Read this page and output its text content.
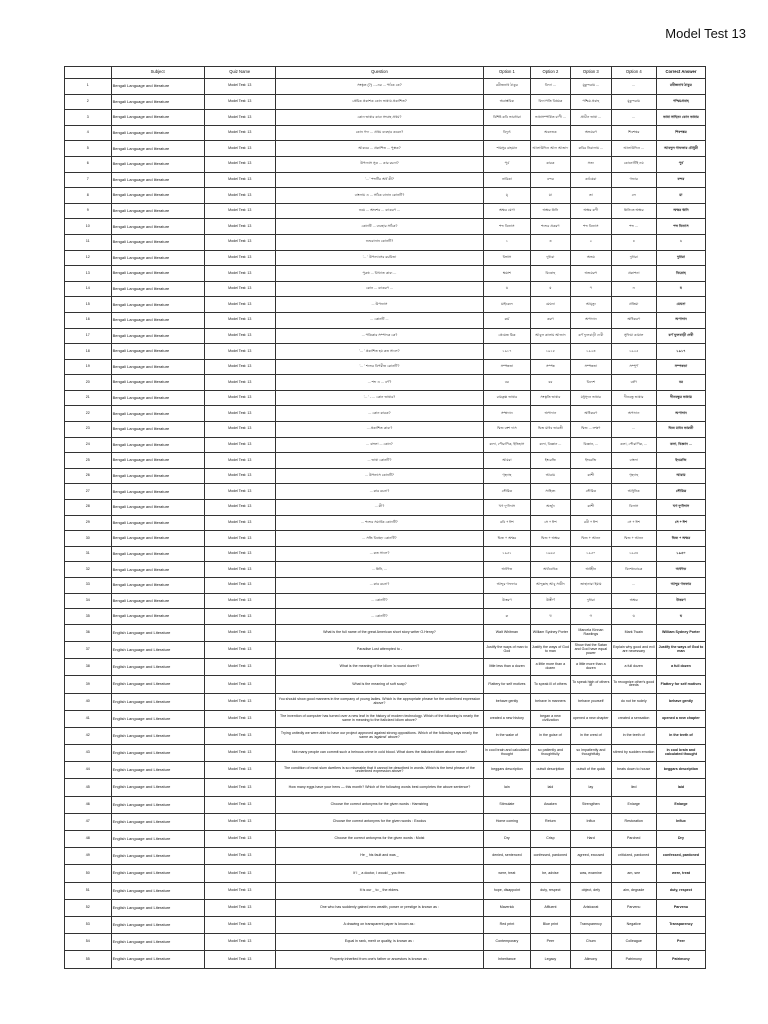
Model Test 13
	Subject	Quiz Name	Question	Option 1	Option 2	Option 3	Option 4	Correct Answer
1	Bengali Language and literature	Model Test: 13	সংস্কৃত (?) ...-এর ... পাঠক কে?	রবীন্দ্রনাথ ঠাকুর	বিদ্যা ...	মুকুন্দরাম ...	...	রবীন্দ্রনাথ ঠাকুর
2	Bengali Language and literature	Model Test: 13	প্রেমিক প্রকাশক কোন ভাষায় প্রকাশিত?	অবাস্তবিক	বিদ্যাপতি বিষয়ক	পশ্চিম প্রবাহ	মুকুন্দরাম	পশ্চিমপ্রবাহ
3	Bengali Language and literature	Model Test: 13	কোন ভাষার কাব্য সংগ্রহ প্রথম?	বিশিষ্ট কবি ভাবধারা	ভাষাসম্পর্কিত বাণী ...	প্রাচীন ভাষা ...	...	ভাষা সাহিত্য কোন ভাষার
4	Bengali Language and literature	Model Test: 13	কোন গদ্য ... প্রথম ব্যবহার করেন?	বিদ্যুৎ	অবনতক	অভয়রণ	শিবশঙ্কর	শিবশঙ্কর
5	Bengali Language and literature	Model Test: 13	আকবর ... প্রকাশিত ... পুস্তক?	শামসুর রাহমান	আলাউদ্দিন আল আজাদ	কবির নিরালায় ...	আলাউদ্দিন ...	আবদুল গাফফার চৌধুরী
6	Bengali Language and literature	Model Test: 13	উপন্যাস সূত্র ... কার রচনা?	পূর্ব	কারক	সত্য	কোনোটিই নয়	পূর্ব
7	Bengali Language and literature	Model Test: 13	'... ' শব্দটির অর্থ কী?	নারিকা	বন্দর	কাঠঝরা	গন্ডার	বন্দর
8	Bengali Language and literature	Model Test: 13	বাংলায় এ ... সঠিক বানান কোনটি?	মৃ	মা	তা	লে	মা
9	Bengali Language and literature	Model Test: 13	নবম ... অংশের ... ব্যাকরণ ...	অক্ষর যোগ	অক্ষর ধ্বনি	অক্ষর কণী	ধ্বনিতে অক্ষর	অক্ষর ধ্বনি
10	Bengali Language and literature	Model Test: 13	কোনটি ... ব্যবহার সঠিক?	শব্দ বিন্যাস	শব্দের প্রকরণ	শব্দ বিন্যাস	শব্দ ...	শব্দ বিন্যাস
11	Bengali Language and literature	Model Test: 13	শুদ্ধবানান কোনটি?	১	৩	২	৪	২
12	Bengali Language and literature	Model Test: 13	'... ' উপন্যাসের রচয়িতা	বিশ্বাস	দুধারা	অভয়	দুধারা	দুধারা
13	Bengali Language and literature	Model Test: 13	পুরুষ ... বিখ্যাত কাব্য ...	ক্ষমাশ	বিদ্রোহ	অভয়রপ	প্রকাশনা	বিদ্রোহ
14	Bengali Language and literature	Model Test: 13	কোন ... ব্যাকরণ ...	য	য	ণ	ন	য
15	Bengali Language and literature	Model Test: 13	... উপন্যাস	মাইকেল	মেঘনা	আমৃত্যু	প্রতিমা	মেঘনা
16	Bengali Language and literature	Model Test: 13	... কোনটি ...	কর্ম	করণ	অপাদান	অধিকরণ	অপাদান
17	Bengali Language and literature	Model Test: 13	... পত্রিকার সম্পাদক কে?	প্রেমেন্দ্র মিত্র	আবুল কালাম আজাদ	কর্ণ ফুলবাড়ী দেবী	সুফিয়া কামাল	কর্ণ ফুলবাড়ী দেবী
18	Bengali Language and literature	Model Test: 13	'... ' প্রকাশিত হয় কত সালে?	১৯১৭	১৯১৮	১৯২৩	১৯২৫	১৯১৭
19	Bengali Language and literature	Model Test: 13	'... ' শব্দের বিপরীত কোনটি?	সম্পন্নতা	সম্পন্ন	সম্পন্নতা	সম্পূর্ণ	সম্পন্নতা
20	Bengali Language and literature	Model Test: 13	... শব্দ এ ... বর্ণ?	বর	বর	বিদেশ	বর্ষণ	বর
21	Bengali Language and literature	Model Test: 13	'... ' - ... কোন ভাষার?	রামকৃষ্ণ ভাষার	সংস্কৃতি ভাষার	মধুসূদন ভাষার	দীনবন্ধু ভাষার	দীনবন্ধুর ভাষায়
22	Bengali Language and literature	Model Test: 13	... কোন কারক?	সম্প্রদান	অপাদান	অধিকরণ	অপাদান	অপাদান
23	Bengali Language and literature	Model Test: 13	... প্রকাশিত কাব্য?	দ্বিজ বংশ দাস	দ্বিজ মাধব ভারতী	দ্বিজ ... লক্ষণ	...	দ্বিজ মাধব ভারতী
24	Bengali Language and literature	Model Test: 13	... বাংলা ... কোন?	কলা, পৌরাণিক, ইতিহাস	কলা, বিজ্ঞান ...	বিজ্ঞান, ...	কলা, পৌরাণিক, ...	কলা, বিজ্ঞান ...
25	Bengali Language and literature	Model Test: 13	... ভাষা কোনটি?	আমরা	ইংরেজি	ইংরেজি	বাংলা	ইংরেজি
26	Bengali Language and literature	Model Test: 13	... উপন্যাস কোনটি?	গৃহদাহ	আরাম	কাশী	গৃহদাহ	আরাম
27	Bengali Language and literature	Model Test: 13	... কার রচনা?	সৌমিত্র	সাহিত্য	সৌমিত্র	আধুনিক	সৌমিত্র
28	Bengali Language and literature	Model Test: 13	... কী?	খগ দুর্গাদাস	অর্জুন	কাশী	বিলাস	খগ দুর্গাদাস
29	Bengali Language and literature	Model Test: 13	... শব্দের সমার্থক কোনটি?	রবি + ঈশ	সে + ঈশ	রবী + ঈশ	সে + ঈশ	সে + ঈশ
30	Bengali Language and literature	Model Test: 13	... সন্ধি বিচ্ছেদ কোনটি?	দ্বিজ + অক্ষর	দ্বিজ + অক্ষর	দ্বিজ + আনন	দ্বিজ + আনন	দ্বিজ + অক্ষর
31	Bengali Language and literature	Model Test: 13	... কত সালে?	১৯৫১	১৯৬৫	১৯৫০	১৯৫৪	১৯৫০
32	Bengali Language and literature	Model Test: 13	... ধ্বনি, ...	অর্থগত	অর্থবোধক	অর্থহীন	বিশেষ্যবাচক	অর্থগত
33	Bengali Language and literature	Model Test: 13	... কার রচনা?	আব্দুর গফফার	আব্দুল্লাহ আবু সায়ীদ	জাহানারা ইমাম	...	আব্দুর গফফার
34	Bengali Language and literature	Model Test: 13	... কোনটি?	উত্তরণ	উত্তীর্ণ	দুধারা	অক্ষর	উত্তরণ
35	Bengali Language and literature	Model Test: 13	... কোনটি?	ক	খ	গ	ঘ	ঘ
36	English Language and Literature	Model Test: 13	What is the full name of the great American short story writer O.Henry?	Walt Whitman	William Sydney Porter	Marcela Kinnan Rawlings	Mark Twain	William Sydney Porter
37	English Language and Literature	Model Test: 13	Paradise Lost attempted to -	Justify the ways of man to God	Justify the ways of God to man	Show that the Satan and God have equal power	Explain why good and evil are necessary	Justify the ways of God to man
38	English Language and Literature	Model Test: 13	What is the meaning of the idiom 'a round dozen'?	little less than a dozen	a little more than a dozen	a little more than a dozen	a full dozen	a full dozen
39	English Language and Literature	Model Test: 13	What is the meaning of soft soap?	Flattery for self motives	To speak ill of others	To speak high of others in	To recognize other's good deeds	Flattery for self motives
40	English Language and Literature	Model Test: 13	You should show good manners in the company of young ladies. Which is the appropriate phrase for the underlined expression above?	behave gently	behave in manners	behave yourself	do not be rudely	behave gently
41	English Language and Literature	Model Test: 13	The invention of computer has turned over a new leaf in the history of modern technology. Which of the following is nearly the same in meaning to the italicized idiom above?	created a new history	began a new civilization	opened a new chapter	created a sensation	opened a new chapter
42	English Language and Literature	Model Test: 13	Trying unitedly we were able to have our project approved against strong oppositions. Which of the following says nearly the same as 'against' above?	in the wake of	in the guise of	in the crest of	in the teeth of	in the teeth of
43	English Language and Literature	Model Test: 13	Not many people can commit such a heinous crime in cold blood. What does the italicized idiom above mean?	in cool brain and calculated thought	so patiently and thoughtfully	so impatiently and thoughtfully	stirred by sudden emotion	in cool brain and calculated thought
44	English Language and Literature	Model Test: 13	The condition of most slum dwellers is so miserable that it cannot be described in words. Which is the best phrase of the underlined expression above?	beggars description	outwit description	outwit of the quick	beats down to house	beggars description
45	English Language and Literature	Model Test: 13	How many eggs have your hens — this month? Which of the following words best completes the above sentence?	lain	laid	lay	lied	laid
46	English Language and Literature	Model Test: 13	Choose the correct antonyms for the given words : Hamstring	Stimulate	Awaken	Strengthen	Enlarge	Enlarge
47	English Language and Literature	Model Test: 13	Choose the correct antonyms for the given words : Exodus	Home coming	Return	Influx	Restoration	Influx
48	English Language and Literature	Model Test: 13	Choose the correct antonyms for the given words : Moist	Dry	Crisp	Hard	Parched	Dry
49	English Language and Literature	Model Test: 13	He _ his fault and was _	denied, sentenced	confessed, pardoned	agreed, excused	criticized, pardoned	confessed, pardoned
50	English Language and Literature	Model Test: 13	If I _ a doctor, I would _ you free.	were, treat	be, advise	was, examine	am, see	were, treat
51	English Language and Literature	Model Test: 13	It is our _ to _ the elders.	hope, disappoint	duty, respect	object, defy	aim, degrade	duty, respect
52	English Language and Literature	Model Test: 13	One who has suddenly gained new wealth, power or prestige is known as :	Maverick	Affluent	Aristocrat	Parvenu	Parvenu
53	English Language and Literature	Model Test: 13	A drawing on transparent paper is known as :	Red print	Blue print	Transparency	Negative	Transparency
54	English Language and Literature	Model Test: 13	Equal in rank, merit or quality, is known as :	Contemporary	Peer	Chum	Colleague	Peer
55	English Language and Literature	Model Test: 13	Property inherited from one's father or ancestors is known as :	Inheritance	Legacy	Alimony	Patrimony	Patrimony
